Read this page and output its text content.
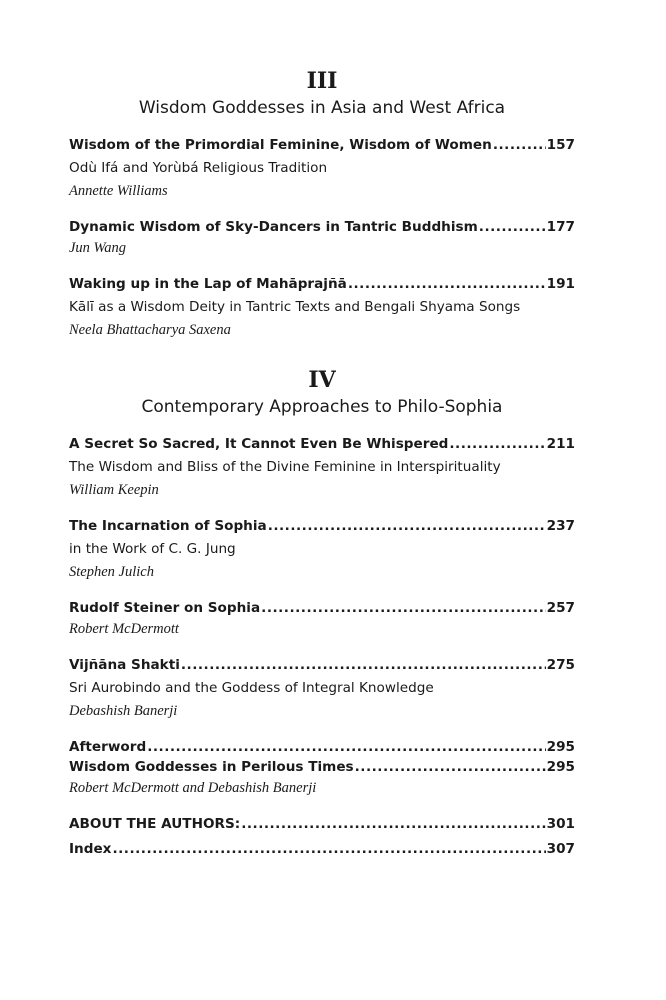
III
Wisdom Goddesses in Asia and West Africa
Wisdom of the Primordial Feminine, Wisdom of Women .....	157
Odù Ifá and Yorùbá Religious Tradition
Annette Williams
Dynamic Wisdom of Sky-Dancers in Tantric Buddhism .....	177
Jun Wang
Waking up in the Lap of Mahāprajñā .....	191
Kālī as a Wisdom Deity in Tantric Texts and Bengali Shyama Songs
Neela Bhattacharya Saxena
IV
Contemporary Approaches to Philo-Sophia
A Secret So Sacred, It Cannot Even Be Whispered .....	211
The Wisdom and Bliss of the Divine Feminine in Interspirituality
William Keepin
The Incarnation of Sophia .....	237
in the Work of C. G. Jung
Stephen Julich
Rudolf Steiner on Sophia .....	257
Robert McDermott
Vijñāna Shakti .....	275
Sri Aurobindo and the Goddess of Integral Knowledge
Debashish Banerji
Afterword .....	295
Wisdom Goddesses in Perilous Times .....	295
Robert McDermott and Debashish Banerji
ABOUT THE AUTHORS: .....	301
Index .....	307
